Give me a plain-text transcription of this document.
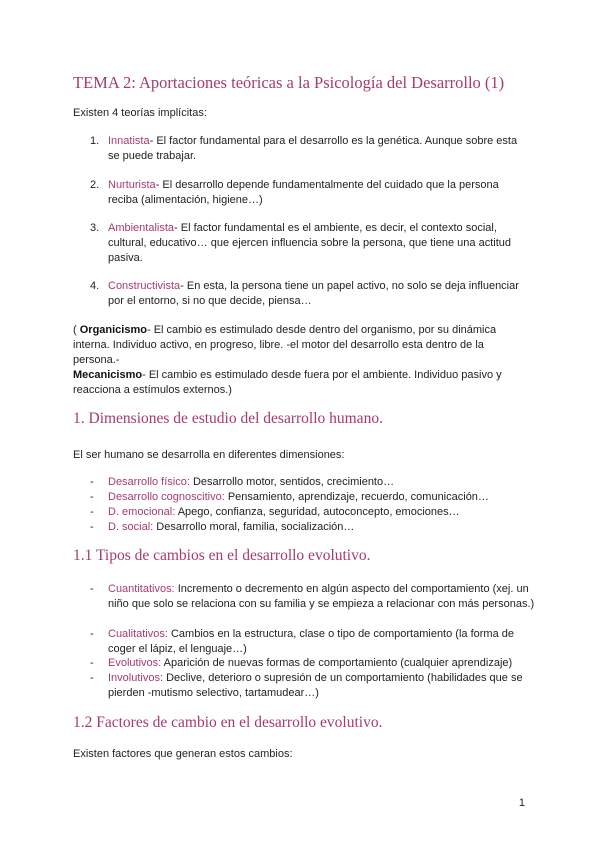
TEMA 2: Aportaciones teóricas a la Psicología del Desarrollo (1)
Existen 4 teorías implícitas:
1. Innatista- El factor fundamental para el desarrollo es la genética. Aunque sobre esta se puede trabajar.
2. Nurturista- El desarrollo depende fundamentalmente del cuidado que la persona reciba (alimentación, higiene…)
3. Ambientalista- El factor fundamental es el ambiente, es decir, el contexto social, cultural, educativo… que ejercen influencia sobre la persona, que tiene una actitud pasiva.
4. Constructivista- En esta, la persona tiene un papel activo, no solo se deja influenciar por el entorno, si no que decide, piensa…
( Organicismo- El cambio es estimulado desde dentro del organismo, por su dinámica interna. Individuo activo, en progreso, libre. -el motor del desarrollo esta dentro de la persona.-
Mecanicismo- El cambio es estimulado desde fuera por el ambiente. Individuo pasivo y reacciona a estímulos externos.)
1. Dimensiones de estudio del desarrollo humano.
El ser humano se desarrolla en diferentes dimensiones:
- Desarrollo físico: Desarrollo motor, sentidos, crecimiento…
- Desarrollo cognoscitivo: Pensamiento, aprendizaje, recuerdo, comunicación…
- D. emocional: Apego, confianza, seguridad, autoconcepto, emociones…
- D. social: Desarrollo moral, familia, socialización…
1.1 Tipos de cambios en el desarrollo evolutivo.
- Cuantitativos: Incremento o decremento en algún aspecto del comportamiento (xej. un niño que solo se relaciona con su familia y se empieza a relacionar con más personas.)
- Cualitativos: Cambios en la estructura, clase o tipo de comportamiento (la forma de coger el lápiz, el lenguaje…)
- Evolutivos: Aparición de nuevas formas de comportamiento (cualquier aprendizaje)
- Involutivos: Declive, deterioro o supresión de un comportamiento (habilidades que se pierden -mutismo selectivo, tartamudear…)
1.2 Factores de cambio en el desarrollo evolutivo.
Existen factores que generan estos cambios:
1
